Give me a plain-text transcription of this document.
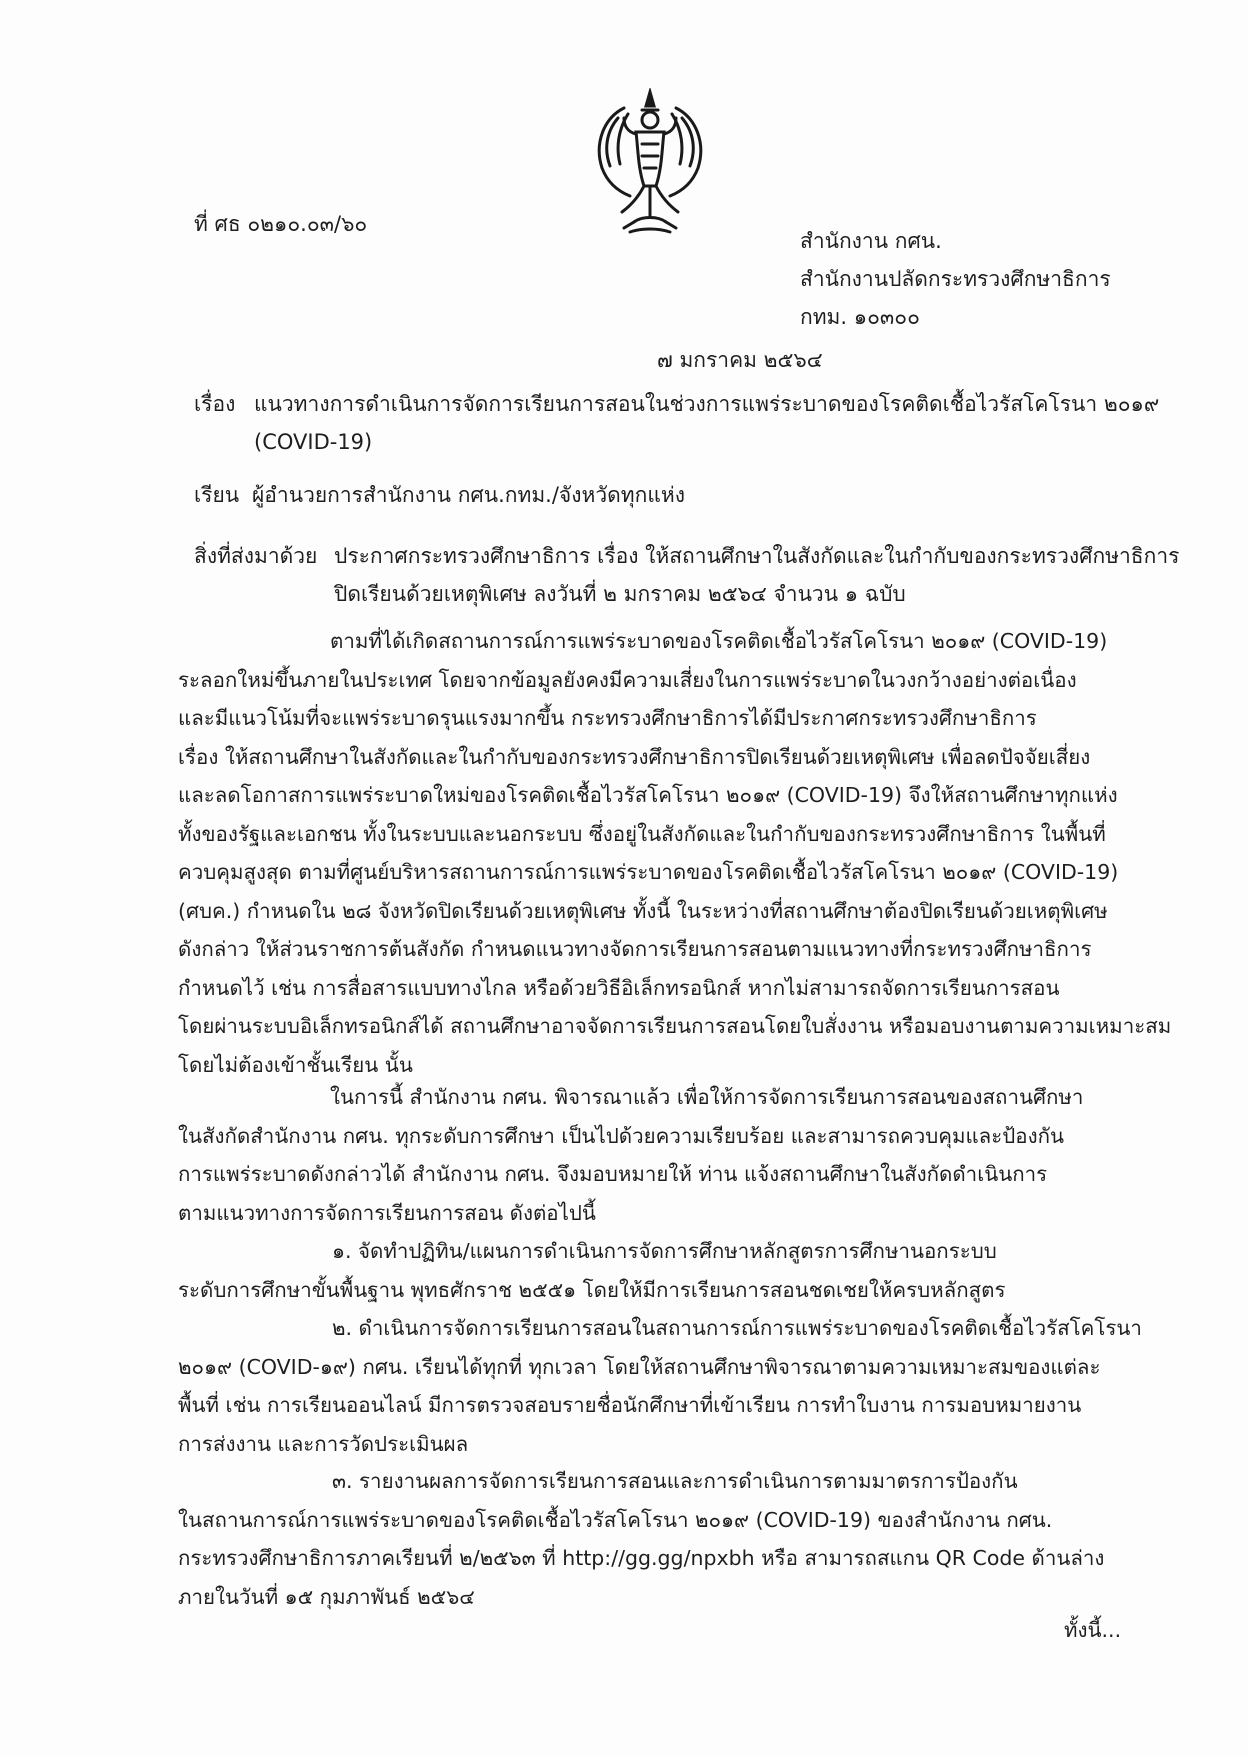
ที่ ศธ ๐๒๑๐.๐๓/๖๐
สำนักงาน กศน.
สำนักงานปลัดกระทรวงศึกษาธิการ
กทม. ๑๐๓๐๐
๗ มกราคม ๒๕๖๔
เรื่อง แนวทางการดำเนินการจัดการเรียนการสอนในช่วงการแพร่ระบาดของโรคติดเชื้อไวรัสโคโรนา ๒๐๑๙
(COVID-19)
เรียน ผู้อำนวยการสำนักงาน กศน.กทม./จังหวัดทุกแห่ง
สิ่งที่ส่งมาด้วย ประกาศกระทรวงศึกษาธิการ เรื่อง ให้สถานศึกษาในสังกัดและในกำกับของกระทรวงศึกษาธิการ
ปิดเรียนด้วยเหตุพิเศษ ลงวันที่ ๒ มกราคม ๒๕๖๔ จำนวน ๑ ฉบับ
ตามที่ได้เกิดสถานการณ์การแพร่ระบาดของโรคติดเชื้อไวรัสโคโรนา ๒๐๑๙ (COVID-19)
ระลอกใหม่ขึ้นภายในประเทศ โดยจากข้อมูลยังคงมีความเสี่ยงในการแพร่ระบาดในวงกว้างอย่างต่อเนื่อง
และมีแนวโน้มที่จะแพร่ระบาดรุนแรงมากขึ้น กระทรวงศึกษาธิการได้มีประกาศกระทรวงศึกษาธิการ
เรื่อง ให้สถานศึกษาในสังกัดและในกำกับของกระทรวงศึกษาธิการปิดเรียนด้วยเหตุพิเศษ เพื่อลดปัจจัยเสี่ยง
และลดโอกาสการแพร่ระบาดใหม่ของโรคติดเชื้อไวรัสโคโรนา ๒๐๑๙ (COVID-19) จึงให้สถานศึกษาทุกแห่ง
ทั้งของรัฐและเอกชน ทั้งในระบบและนอกระบบ ซึ่งอยู่ในสังกัดและในกำกับของกระทรวงศึกษาธิการ ในพื้นที่
ควบคุมสูงสุด ตามที่ศูนย์บริหารสถานการณ์การแพร่ระบาดของโรคติดเชื้อไวรัสโคโรนา ๒๐๑๙ (COVID-19)
(ศบค.) กำหนดใน ๒๘ จังหวัดปิดเรียนด้วยเหตุพิเศษ ทั้งนี้ ในระหว่างที่สถานศึกษาต้องปิดเรียนด้วยเหตุพิเศษ
ดังกล่าว ให้ส่วนราชการต้นสังกัด กำหนดแนวทางจัดการเรียนการสอนตามแนวทางที่กระทรวงศึกษาธิการ
กำหนดไว้ เช่น การสื่อสารแบบทางไกล หรือด้วยวิธีอิเล็กทรอนิกส์ หากไม่สามารถจัดการเรียนการสอน
โดยผ่านระบบอิเล็กทรอนิกส์ได้ สถานศึกษาอาจจัดการเรียนการสอนโดยใบสั่งงาน หรือมอบงานตามความเหมาะสม
โดยไม่ต้องเข้าชั้นเรียน นั้น
ในการนี้ สำนักงาน กศน. พิจารณาแล้ว เพื่อให้การจัดการเรียนการสอนของสถานศึกษา
ในสังกัดสำนักงาน กศน. ทุกระดับการศึกษา เป็นไปด้วยความเรียบร้อย และสามารถควบคุมและป้องกัน
การแพร่ระบาดดังกล่าวได้ สำนักงาน กศน. จึงมอบหมายให้ ท่าน แจ้งสถานศึกษาในสังกัดดำเนินการ
ตามแนวทางการจัดการเรียนการสอน ดังต่อไปนี้
๑. จัดทำปฏิทิน/แผนการดำเนินการจัดการศึกษาหลักสูตรการศึกษานอกระบบ
ระดับการศึกษาขั้นพื้นฐาน พุทธศักราช ๒๕๕๑ โดยให้มีการเรียนการสอนชดเชยให้ครบหลักสูตร
๒. ดำเนินการจัดการเรียนการสอนในสถานการณ์การแพร่ระบาดของโรคติดเชื้อไวรัสโคโรนา
๒๐๑๙ (COVID-๑๙) กศน. เรียนได้ทุกที่ ทุกเวลา โดยให้สถานศึกษาพิจารณาตามความเหมาะสมของแต่ละ
พื้นที่ เช่น การเรียนออนไลน์ มีการตรวจสอบรายชื่อนักศึกษาที่เข้าเรียน การทำใบงาน การมอบหมายงาน
การส่งงาน และการวัดประเมินผล
๓. รายงานผลการจัดการเรียนการสอนและการดำเนินการตามมาตรการป้องกัน
ในสถานการณ์การแพร่ระบาดของโรคติดเชื้อไวรัสโคโรนา ๒๐๑๙ (COVID-19) ของสำนักงาน กศน.
กระทรวงศึกษาธิการภาคเรียนที่ ๒/๒๕๖๓ ที่ http://gg.gg/npxbh หรือ สามารถสแกน QR Code ด้านล่าง
ภายในวันที่ ๑๕ กุมภาพันธ์ ๒๕๖๔
ทั้งนี้...
